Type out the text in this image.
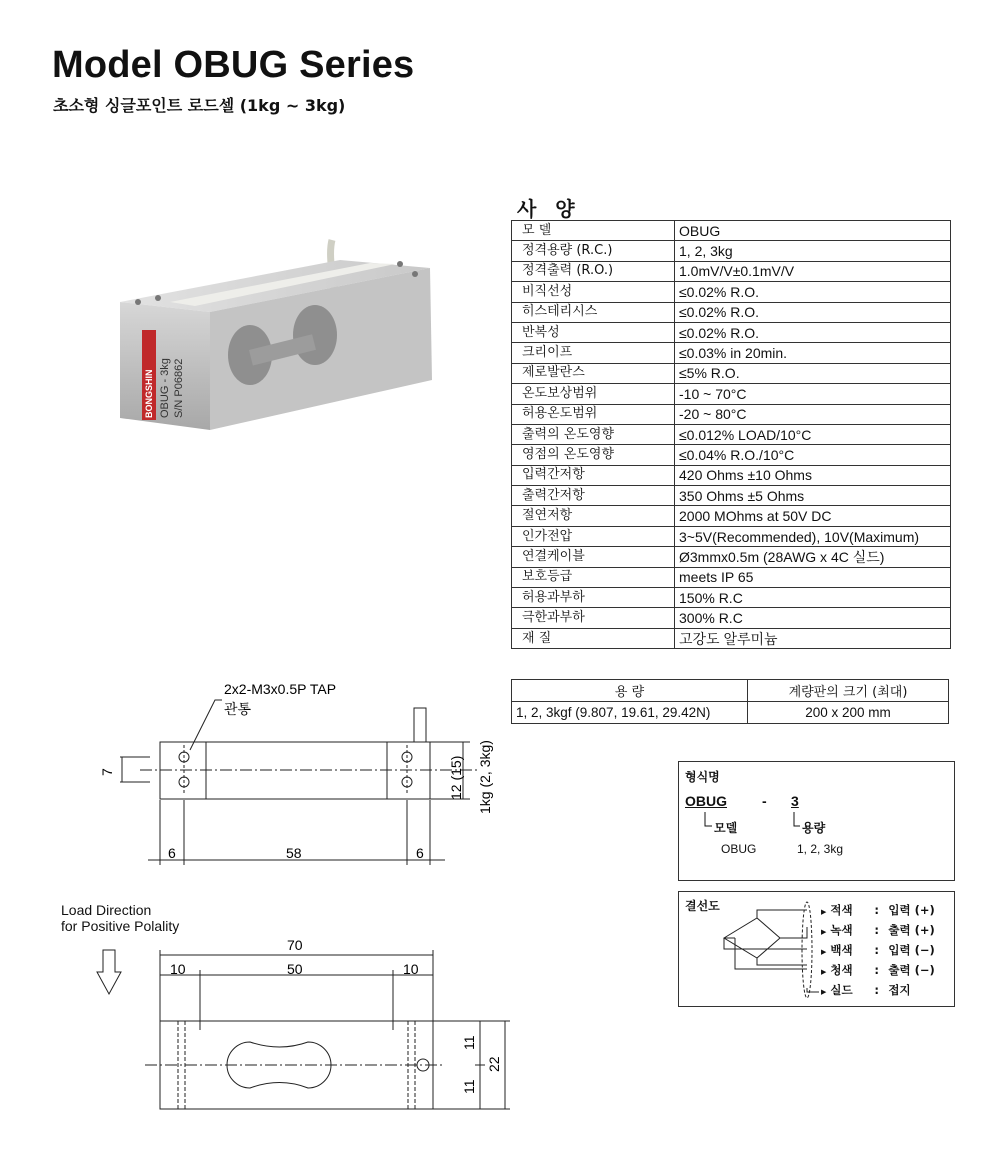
Model OBUG Series
초소형 싱글포인트 로드셀 (1kg ~ 3kg)
BONGSHIN OBUG - 3kg S/N P06862
사 양
모 델	OBUG
정격용량 (R.C.)	1, 2, 3kg
정격출력 (R.O.)	1.0mV/V±0.1mV/V
비직선성	≤0.02% R.O.
히스테리시스	≤0.02% R.O.
반복성	≤0.02% R.O.
크리이프	≤0.03% in 20min.
제로발란스	≤5% R.O.
온도보상범위	-10 ~ 70°C
허용온도범위	-20 ~ 80°C
출력의 온도영향	≤0.012% LOAD/10°C
영점의 온도영향	≤0.04% R.O./10°C
입력간저항	420 Ohms ±10 Ohms
출력간저항	350 Ohms ±5 Ohms
절연저항	2000 MOhms at 50V DC
인가전압	3~5V(Recommended), 10V(Maximum)
연결케이블	Ø3mmx0.5m (28AWG x 4C 실드)
보호등급	meets IP 65
허용과부하	150% R.C
극한과부하	300% R.C
재 질	고강도 알루미늄
용 량	계량판의 크기 (최대)
1, 2, 3kgf (9.807, 19.61, 29.42N)	200 x 200 mm
형식명
OBUG	- 3
모델	용량
OBUG	1, 2, 3kg
결선도	▶ 적색 : 입력 (+)
▶ 녹색 : 출력 (+)
▶ 백색 : 입력 (−)
▶ 청색 : 출력 (−)
▶ 실드 : 접지
2x2-M3x0.5P TAP
관통
7
6	58	6
12 (15) 1kg (2, 3kg)
Load Direction
for Positive Polality
70
10	50	10
11
11
22
